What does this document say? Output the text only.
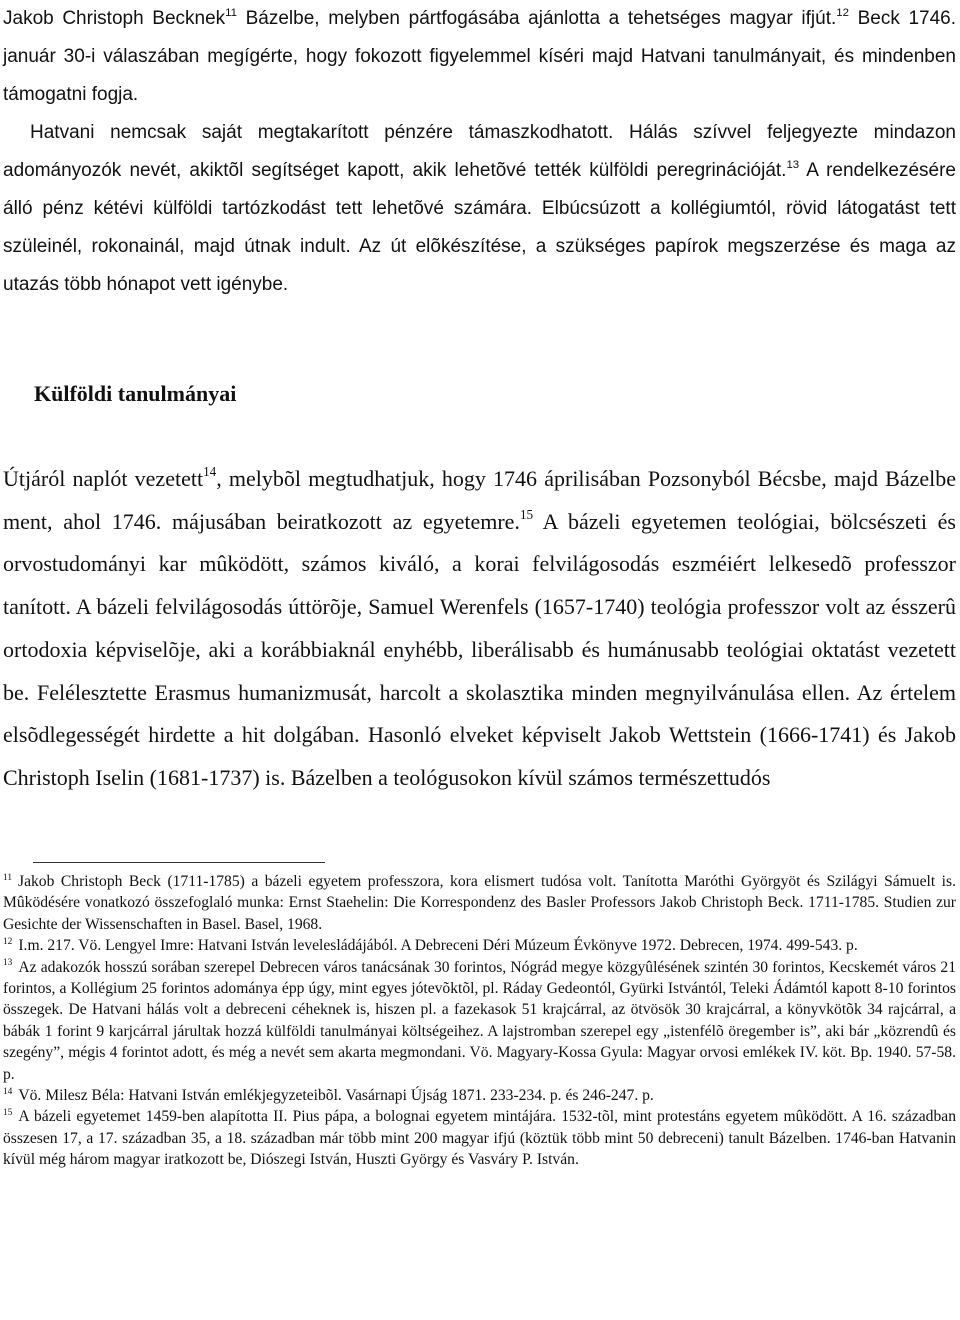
Jakob Christoph Becknek$^{11}$ Bázelbe, melyben pártfogásába ajánlotta a tehetséges magyar ifjút.$^{12}$ Beck 1746. január 30-i válaszában megígérte, hogy fokozott figyelemmel kíséri majd Hatvani tanulmányait, és mindenben támogatni fogja.
Hatvani nemcsak saját megtakarított pénzére támaszkodhatott. Hálás szívvel feljegyezte mindazon adományozók nevét, akiktõl segítséget kapott, akik lehetõvé tették külföldi peregrinációját.$^{13}$ A rendelkezésére álló pénz kétévi külföldi tartózkodást tett lehetõvé számára. Elbúcsúzott a kollégiumtól, rövid látogatást tett szüleinél, rokonainál, majd útnak indult. Az út elõkészítése, a szükséges papírok megszerzése és maga az utazás több hónapot vett igénybe.

Külföldi tanulmányai

Útjáról naplót vezetett$^{14}$, melybõl megtudhatjuk, hogy 1746 áprilisában Pozsonyból Bécsbe, majd Bázelbe ment, ahol 1746. májusában beiratkozott az egyetemre.$^{15}$ A bázeli egyetemen teológiai, bölcsészeti és orvostudományi kar mûködött, számos kiváló, a korai felvilágosodás eszméiért lelkesedõ professzor tanított. A bázeli felvilágosodás úttörõje, Samuel Werenfels (1657-1740) teológia professzor volt az ésszerû ortodoxia képviselõje, aki a korábbiaknál enyhébb, liberálisabb és humánusabb teológiai oktatást vezetett be. Felélesztette Erasmus humanizmusát, harcolt a skolasztika minden megnyilvánulása ellen. Az értelem elsõdlegességét hirdette a hit dolgában. Hasonló elveket képviselt Jakob Wettstein (1666-1741) és Jakob Christoph Iselin (1681-1737) is. Bázelben a teológusokon kívül számos természettudós

$^{11}$ Jakob Christoph Beck (1711-1785) a bázeli egyetem professzora, kora elismert tudósa volt. Tanította Maróthi Györgyöt és Szilágyi Sámuelt is. Mûködésére vonatkozó összefoglaló munka: Ernst Staehelin: Die Korrespondenz des Basler Professors Jakob Christoph Beck. 1711-1785. Studien zur Gesichte der Wissenschaften in Basel. Basel, 1968.

$^{12}$ I.m. 217. Vö. Lengyel Imre: Hatvani István levelesládájából. A Debreceni Déri Múzeum Évkönyve 1972. Debrecen, 1974. 499-543. p.

$^{13}$ Az adakozók hosszú sorában szerepel Debrecen város tanácsának 30 forintos, Nógrád megye közgyûlésének szintén 30 forintos, Kecskemét város 21 forintos, a Kollégium 25 forintos adománya épp úgy, mint egyes jótevõktõl, pl. Ráday Gedeontól, Gyürki Istvántól, Teleki Ádámtól kapott 8-10 forintos összegek. De Hatvani hálás volt a debreceni céheknek is, hiszen pl. a fazekasok 51 krajcárral, az ötvösök 30 krajcárral, a könyvkötõk 34 rajcárral, a bábák 1 forint 9 karjcárral járultak hozzá külföldi tanulmányai költségeihez. A lajstromban szerepel egy „istenfélõ öregember is”, aki bár „közrendû és szegény”, mégis 4 forintot adott, és még a nevét sem akarta megmondani. Vö. Magyary-Kossa Gyula: Magyar orvosi emlékek IV. köt. Bp. 1940. 57-58. p.

$^{14}$ Vö. Milesz Béla: Hatvani István emlékjegyzeteibõl. Vasárnapi Újság 1871. 233-234. p. és 246-247. p.

$^{15}$ A bázeli egyetemet 1459-ben alapította II. Pius pápa, a bolognai egyetem mintájára. 1532-tõl, mint protestáns egyetem mûködött. A 16. században összesen 17, a 17. században 35, a 18. században már több mint 200 magyar ifjú (köztük több mint 50 debreceni) tanult Bázelben. 1746-ban Hatvanin kívül még három magyar iratkozott be, Diószegi István, Huszti György és Vasváry P. István.
